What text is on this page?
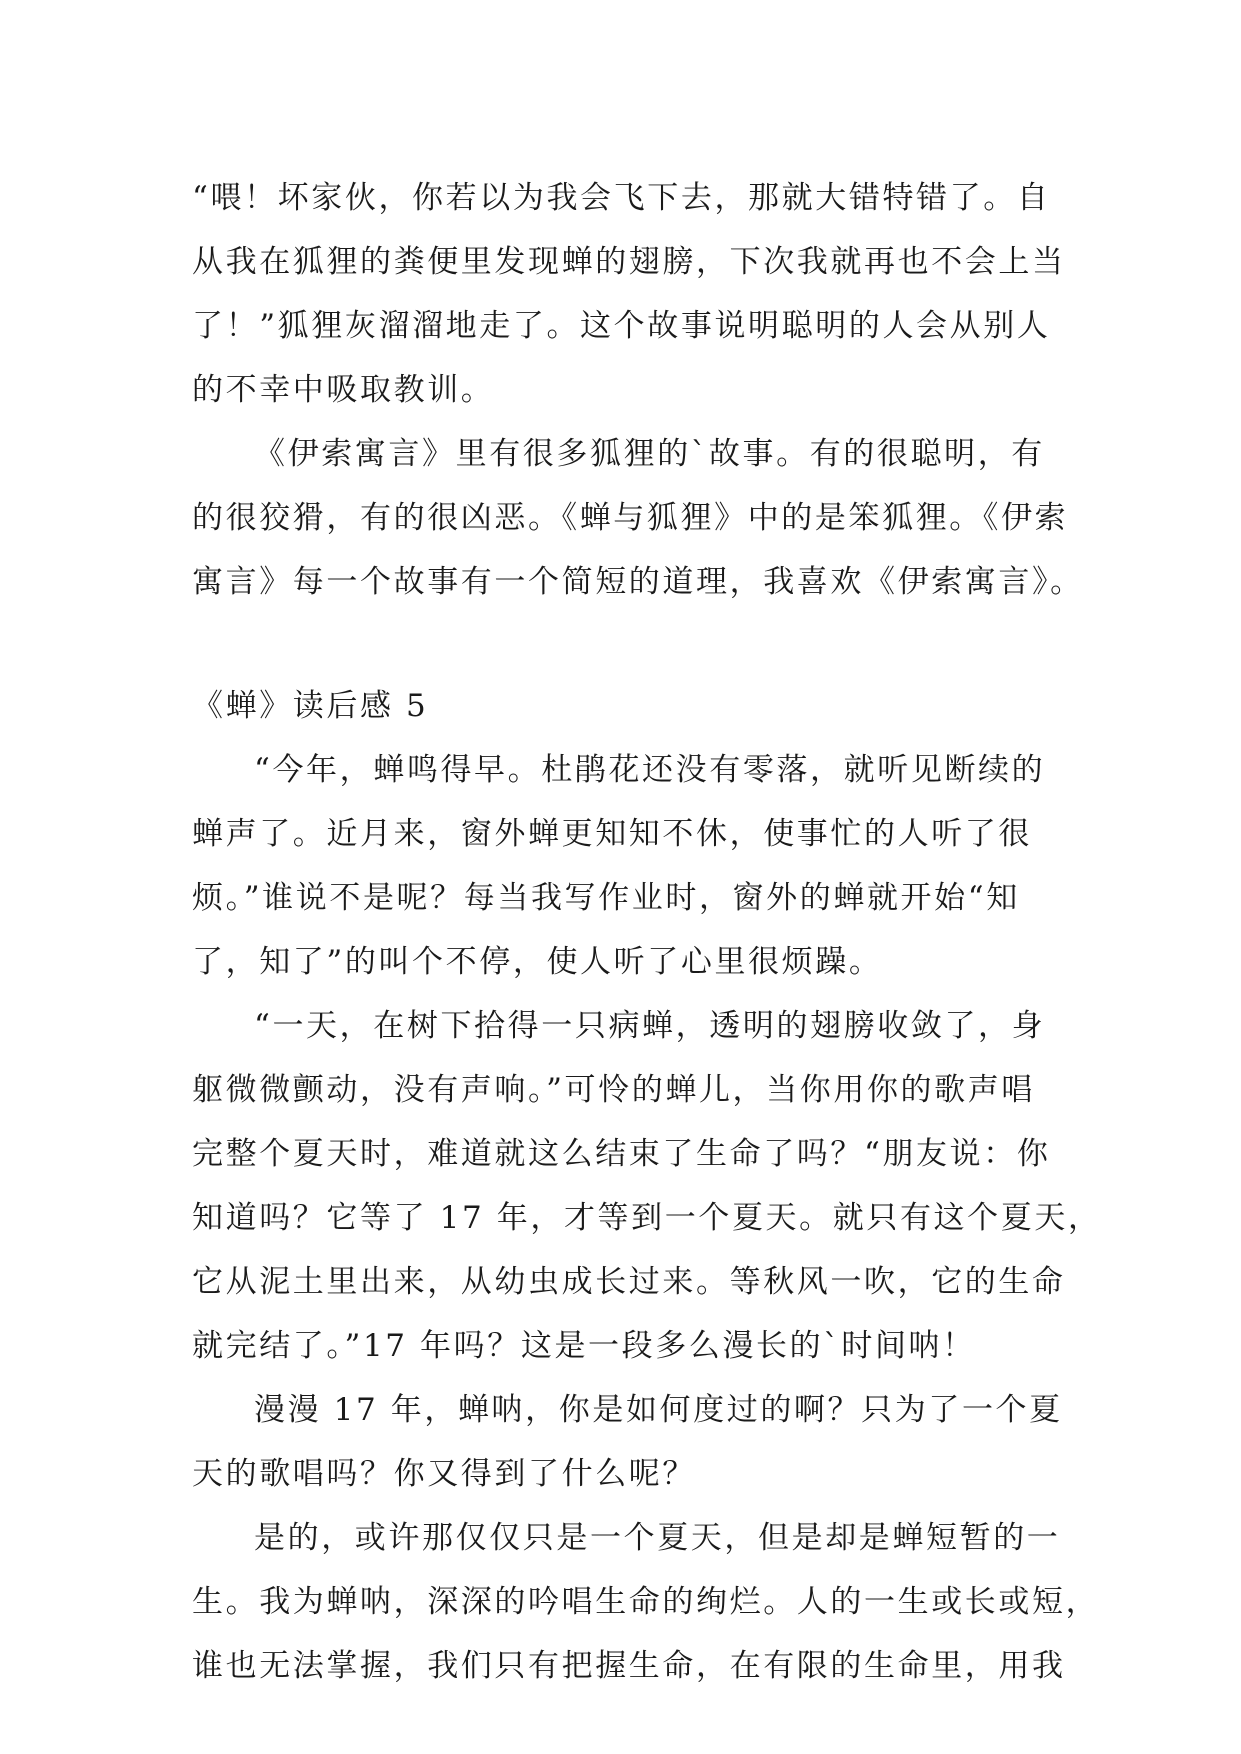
“喂！坏家伙，你若以为我会飞下去，那就大错特错了。自
从我在狐狸的粪便里发现蝉的翅膀，下次我就再也不会上当
了！”狐狸灰溜溜地走了。这个故事说明聪明的人会从别人
的不幸中吸取教训。
《伊索寓言》里有很多狐狸的`故事。有的很聪明，有
的很狡猾，有的很凶恶。《蝉与狐狸》中的是笨狐狸。《伊索
寓言》每一个故事有一个简短的道理，我喜欢《伊索寓言》。
《蝉》读后感 5
“今年，蝉鸣得早。杜鹃花还没有零落，就听见断续的
蝉声了。近月来，窗外蝉更知知不休，使事忙的人听了很
烦。”谁说不是呢？每当我写作业时，窗外的蝉就开始“知
了，知了”的叫个不停，使人听了心里很烦躁。
“一天，在树下拾得一只病蝉，透明的翅膀收敛了，身
躯微微颤动，没有声响。”可怜的蝉儿，当你用你的歌声唱
完整个夏天时，难道就这么结束了生命了吗？“朋友说：你
知道吗？它等了 17 年，才等到一个夏天。就只有这个夏天，
它从泥土里出来，从幼虫成长过来。等秋风一吹，它的生命
就完结了。”17 年吗？这是一段多么漫长的`时间呐！
漫漫 17 年，蝉呐，你是如何度过的啊？只为了一个夏
天的歌唱吗？你又得到了什么呢？
是的，或许那仅仅只是一个夏天，但是却是蝉短暂的一
生。我为蝉呐，深深的吟唱生命的绚烂。人的一生或长或短，
谁也无法掌握，我们只有把握生命，在有限的生命里，用我
